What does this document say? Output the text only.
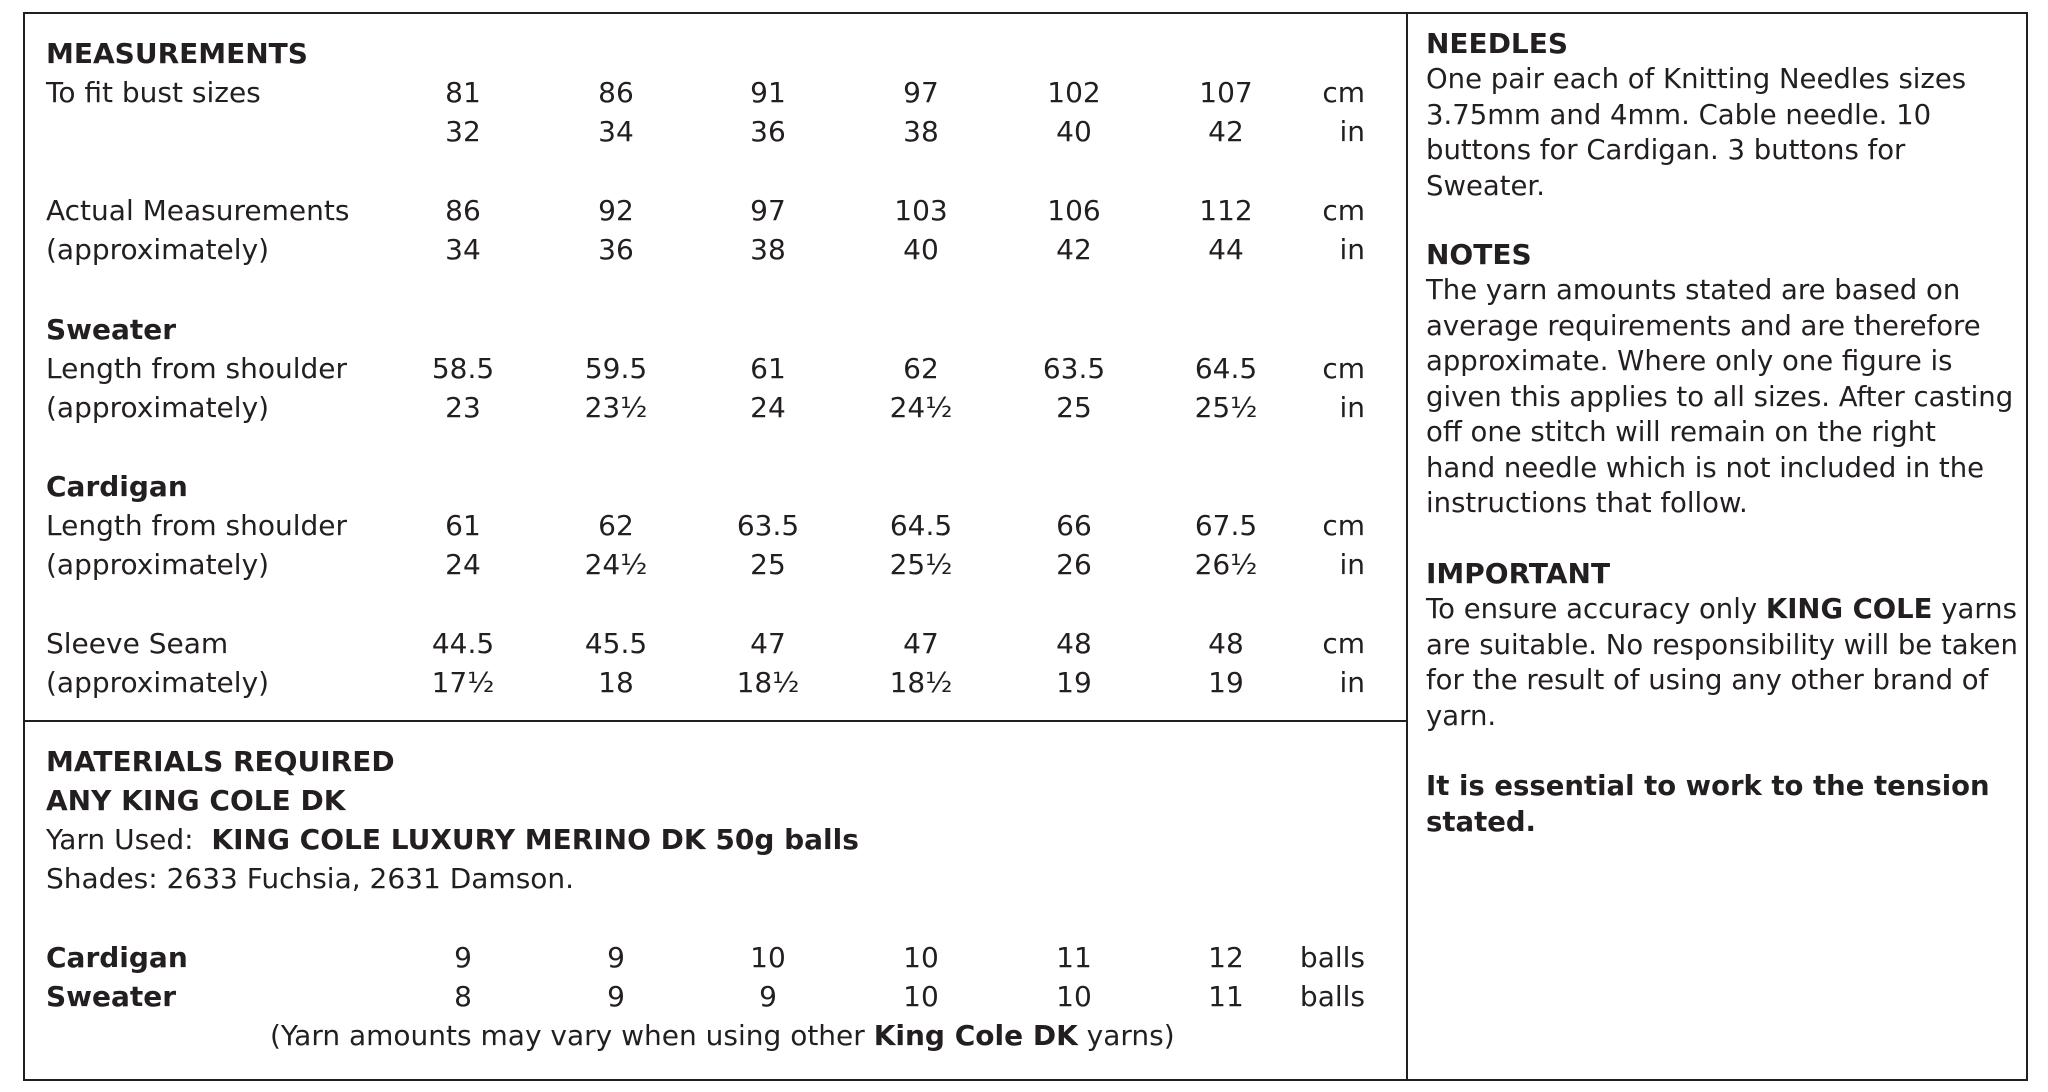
MEASUREMENTS
To fit bust sizes	81	86	91	97	102	107	cm
32	34	36	38	40	42	in
Actual Measurements
(approximately)
86	92	97	103	106	112	cm
34	36	38	40	42	44	in
Sweater
Length from shoulder
(approximately)
58.5	59.5	61	62	63.5	64.5	cm
23	23½	24	24½	25	25½	in
Cardigan
Length from shoulder
(approximately)
61	62	63.5	64.5	66	67.5	cm
24	24½	25	25½	26	26½	in
Sleeve Seam
(approximately)
44.5	45.5	47	47	48	48	cm
17½	18	18½	18½	19	19	in
MATERIALS REQUIRED
ANY KING COLE DK
Yarn Used: KING COLE LUXURY MERINO DK 50g balls
Shades: 2633 Fuchsia, 2631 Damson.
Cardigan	9	9	10	10	11	12	balls
Sweater	8	9	9	10	10	11	balls
(Yarn amounts may vary when using other King Cole DK yarns)
NEEDLES
One pair each of Knitting Needles sizes
3.75mm and 4mm. Cable needle. 10
buttons for Cardigan. 3 buttons for
Sweater.
NOTES
The yarn amounts stated are based on
average requirements and are therefore
approximate. Where only one figure is
given this applies to all sizes. After casting
off one stitch will remain on the right
hand needle which is not included in the
instructions that follow.
IMPORTANT
To ensure accuracy only KING COLE yarns
are suitable. No responsibility will be taken
for the result of using any other brand of
yarn.
It is essential to work to the tension
stated.
